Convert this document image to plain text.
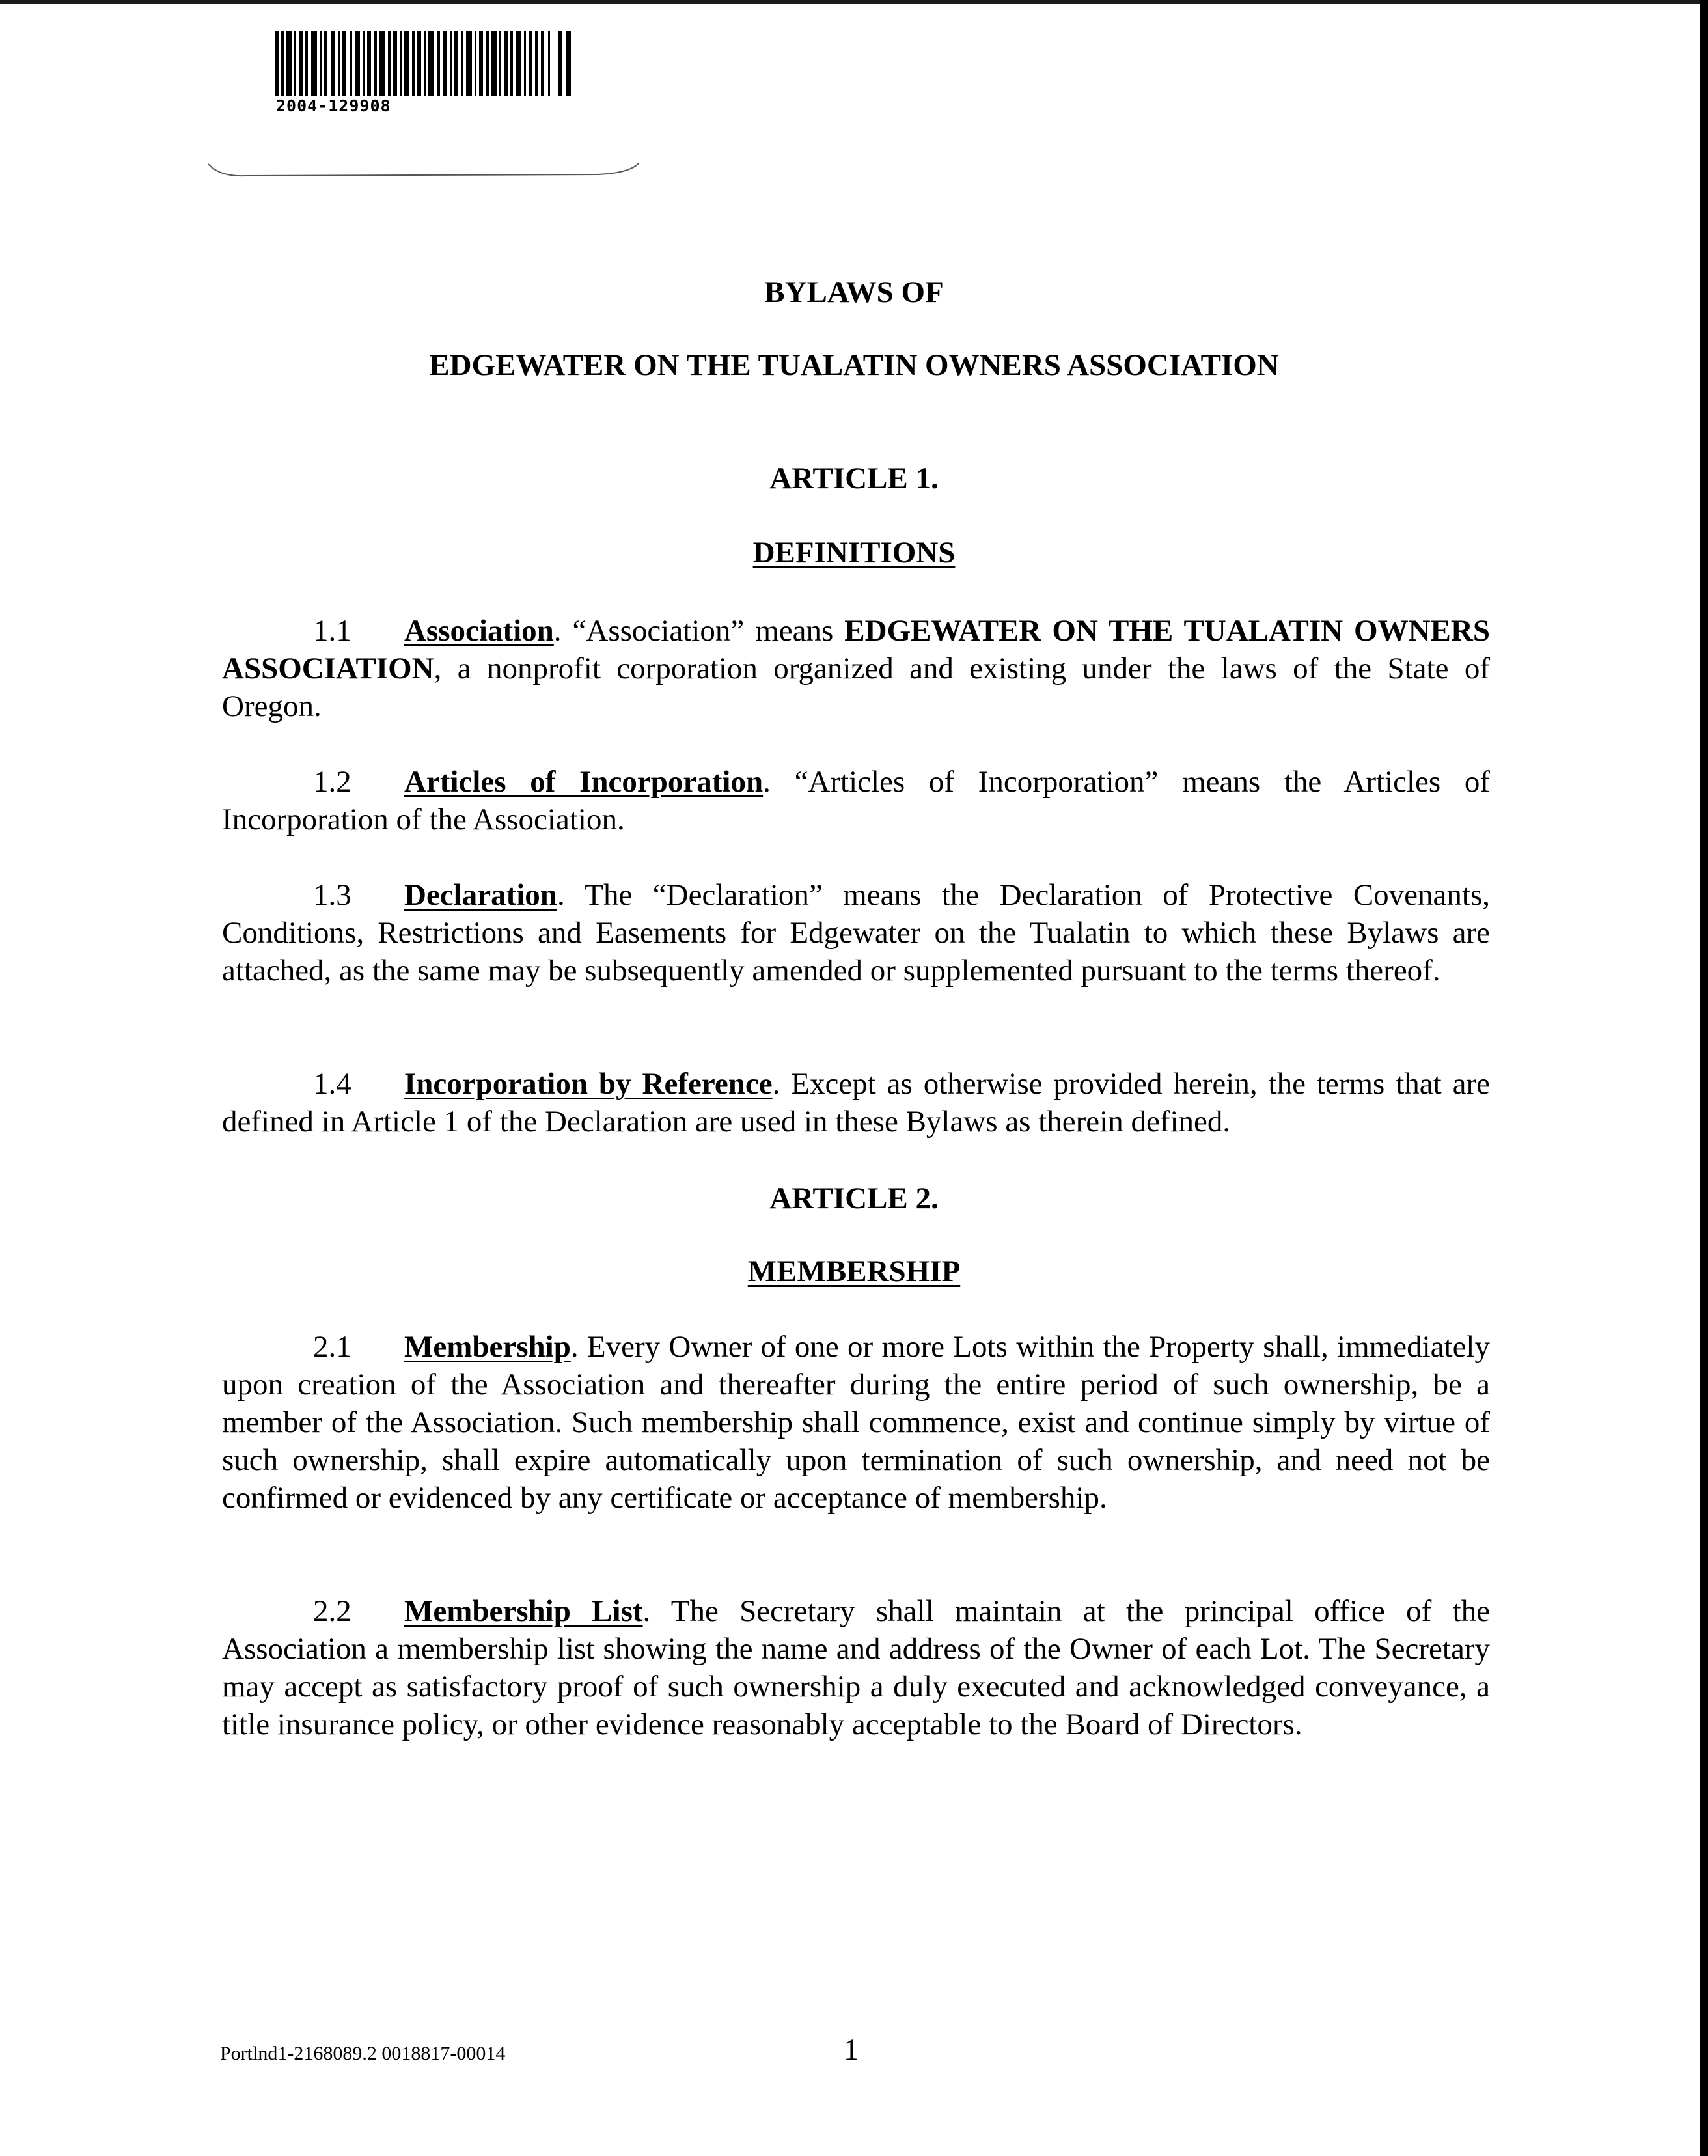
2004-129908
BYLAWS OF
EDGEWATER ON THE TUALATIN OWNERS ASSOCIATION
ARTICLE 1.
DEFINITIONS

1.1 Association. “Association” means EDGEWATER ON THE TUALATIN OWNERS ASSOCIATION, a nonprofit corporation organized and existing under the laws of the State of Oregon.

1.2 Articles of Incorporation. “Articles of Incorporation” means the Articles of Incorporation of the Association.

1.3 Declaration. The “Declaration” means the Declaration of Protective Covenants, Conditions, Restrictions and Easements for Edgewater on the Tualatin to which these Bylaws are attached, as the same may be subsequently amended or supplemented pursuant to the terms thereof.

1.4 Incorporation by Reference. Except as otherwise provided herein, the terms that are defined in Article 1 of the Declaration are used in these Bylaws as therein defined.

ARTICLE 2.
MEMBERSHIP

2.1 Membership. Every Owner of one or more Lots within the Property shall, immediately upon creation of the Association and thereafter during the entire period of such ownership, be a member of the Association. Such membership shall commence, exist and continue simply by virtue of such ownership, shall expire automatically upon termination of such ownership, and need not be confirmed or evidenced by any certificate or acceptance of membership.

2.2 Membership List. The Secretary shall maintain at the principal office of the Association a membership list showing the name and address of the Owner of each Lot. The Secretary may accept as satisfactory proof of such ownership a duly executed and acknowledged conveyance, a title insurance policy, or other evidence reasonably acceptable to the Board of Directors.

Portlnd1-2168089.2 0018817-00014	1
